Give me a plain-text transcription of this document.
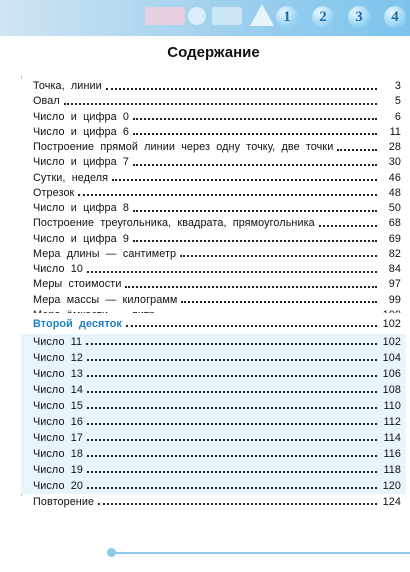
1	2	3	4
Содержание
Точка,  линии	3
Овал	5
Число  и  цифра  0	6
Число  и  цифра  6	11
Построение  прямой  линии  через  одну  точку,  две  точки	28
Число  и  цифра  7	30
Сутки,  неделя	46
Отрезок	48
Число  и  цифра  8	50
Построение  треугольника,  квадрата,  прямоугольника	68
Число  и  цифра  9	69
Мера  длины  —  сантиметр	82
Число  10	84
Меры  стоимости	97
Мера  массы  —  килограмм	99
Второй  десяток	102
Число  11	102
Число  12	104
Число  13	106
Число  14	108
Число  15	110
Число  16	112
Число  17	114
Число  18	116
Число  19	118
Число  20	120
Повторение	124
